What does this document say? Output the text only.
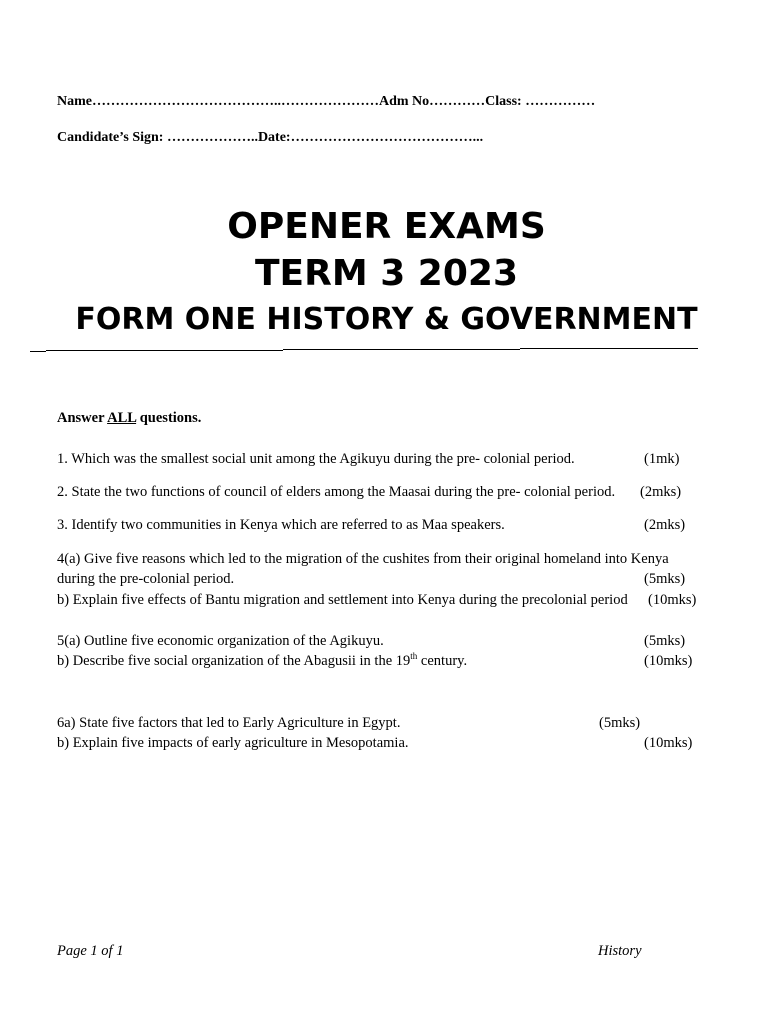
Name…………………………………..…………………Adm No…………Class: ……………
Candidate’s Sign: ………………..Date:…………………………………...
OPENER EXAMS
TERM 3 2023
FORM ONE HISTORY & GOVERNMENT
Answer ALL questions.
1. Which was the smallest social unit among the Agikuyu during the pre- colonial period.	(1mk)
2. State the two functions of council of elders among the Maasai during the pre- colonial period.	(2mks)
3. Identify two communities in Kenya which are referred to as Maa speakers.	(2mks)
4(a) Give five reasons which led to the migration of the cushites from their original homeland into Kenya
during the pre-colonial period.	(5mks)
b) Explain five effects of Bantu migration and settlement into Kenya during the precolonial period	(10mks)
5(a) Outline five economic organization of the Agikuyu.	(5mks)
b) Describe five social organization of the Abagusii in the 19th century.	(10mks)
6a) State five factors that led to Early Agriculture in Egypt.	(5mks)
b) Explain five impacts of early agriculture in Mesopotamia.	(10mks)
Page 1 of 1	History
